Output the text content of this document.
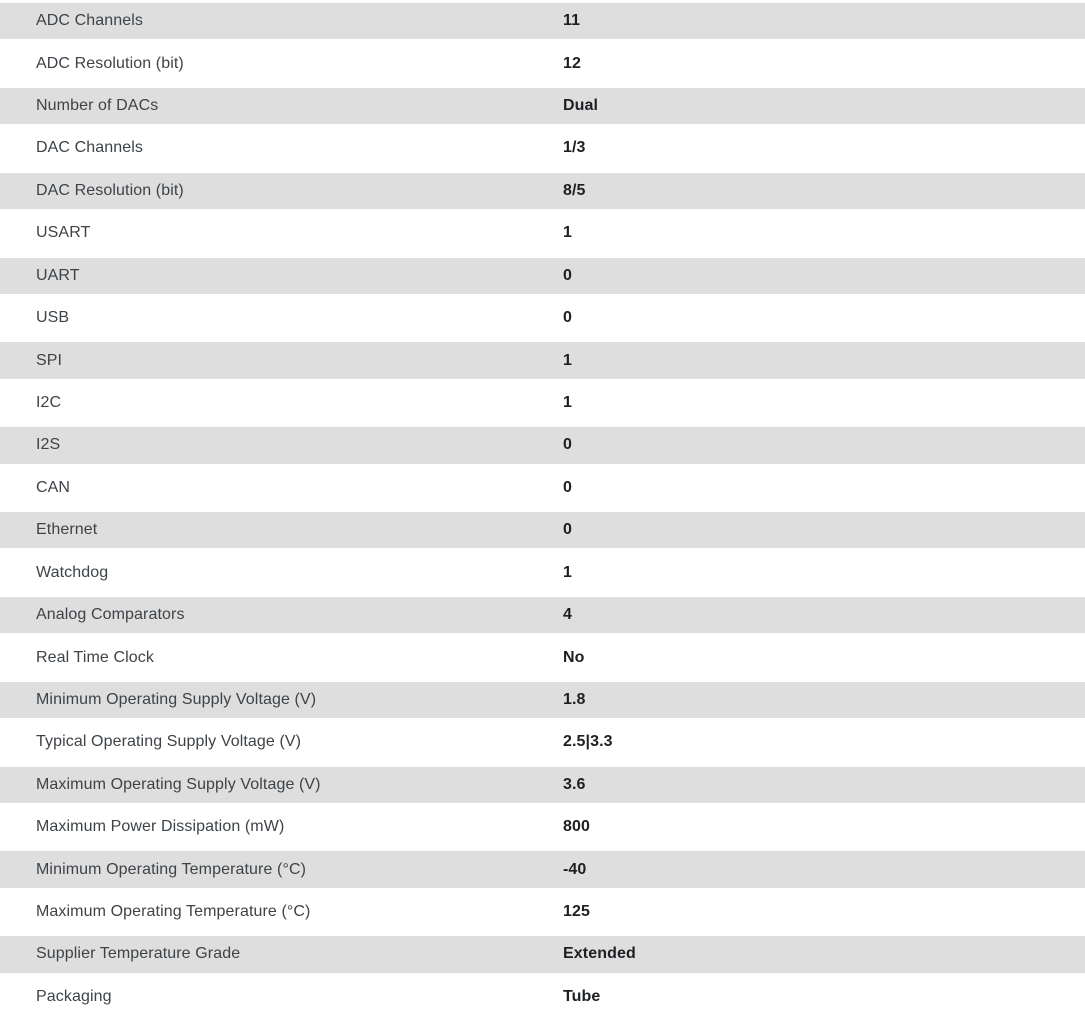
ADC Channels	11
ADC Resolution (bit)	12
Number of DACs	Dual
DAC Channels	1/3
DAC Resolution (bit)	8/5
USART	1
UART	0
USB	0
SPI	1
I2C	1
I2S	0
CAN	0
Ethernet	0
Watchdog	1
Analog Comparators	4
Real Time Clock	No
Minimum Operating Supply Voltage (V)	1.8
Typical Operating Supply Voltage (V)	2.5|3.3
Maximum Operating Supply Voltage (V)	3.6
Maximum Power Dissipation (mW)	800
Minimum Operating Temperature (°C)	-40
Maximum Operating Temperature (°C)	125
Supplier Temperature Grade	Extended
Packaging	Tube
